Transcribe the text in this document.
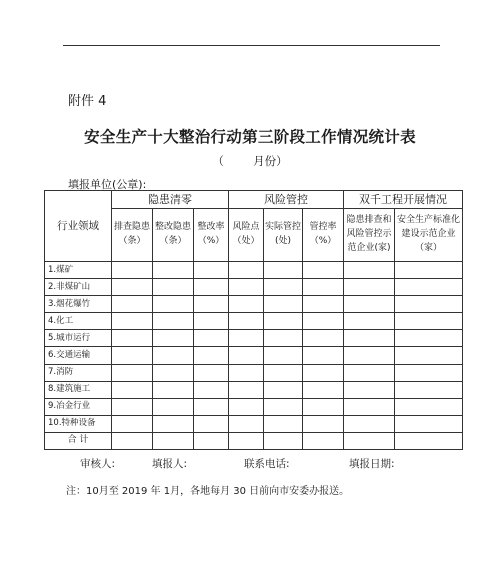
附件 4
安全生产十大整治行动第三阶段工作情况统计表
（        月份）
填报单位(公章):
行业领域	隐患清零			风险管控			双千工程开展情况	
	排查隐患（条）	整改隐患（条）	整改率（%）	风险点（处）	实际管控(处)	管控率（%）	隐患排查和风险管控示范企业(家)	安全生产标准化建设示范企业（家）
1.煤矿								
2.非煤矿山								
3.烟花爆竹								
4.化工								
5.城市运行								
6.交通运输								
7.消防								
8.建筑施工								
9.冶金行业								
10.特种设备								
合 计								
审核人:	填报人:	联系电话:	填报日期:
注：10月至 2019 年 1月，各地每月 30 日前向市安委办报送。
